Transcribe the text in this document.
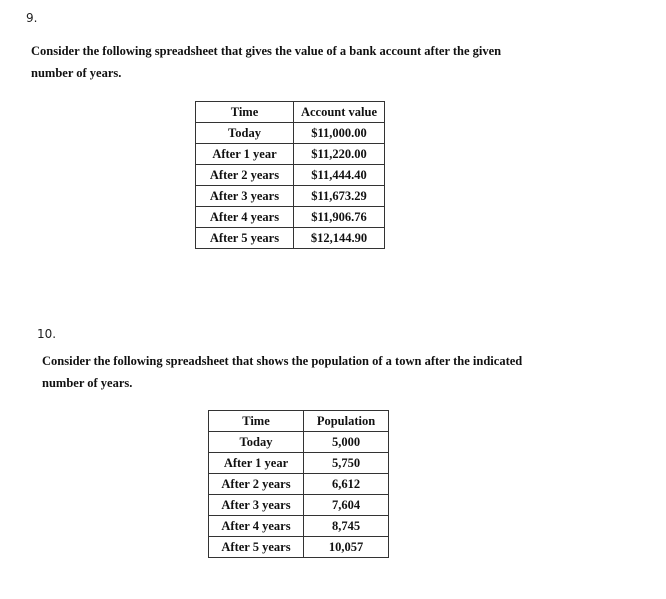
9.
Consider the following spreadsheet that gives the value of a bank account after the given
number of years.
Time	Account value
Today	$11,000.00
After 1 year	$11,220.00
After 2 years	$11,444.40
After 3 years	$11,673.29
After 4 years	$11,906.76
After 5 years	$12,144.90
10.
Consider the following spreadsheet that shows the population of a town after the indicated
number of years.
Time	Population
Today	5,000
After 1 year	5,750
After 2 years	6,612
After 3 years	7,604
After 4 years	8,745
After 5 years	10,057
